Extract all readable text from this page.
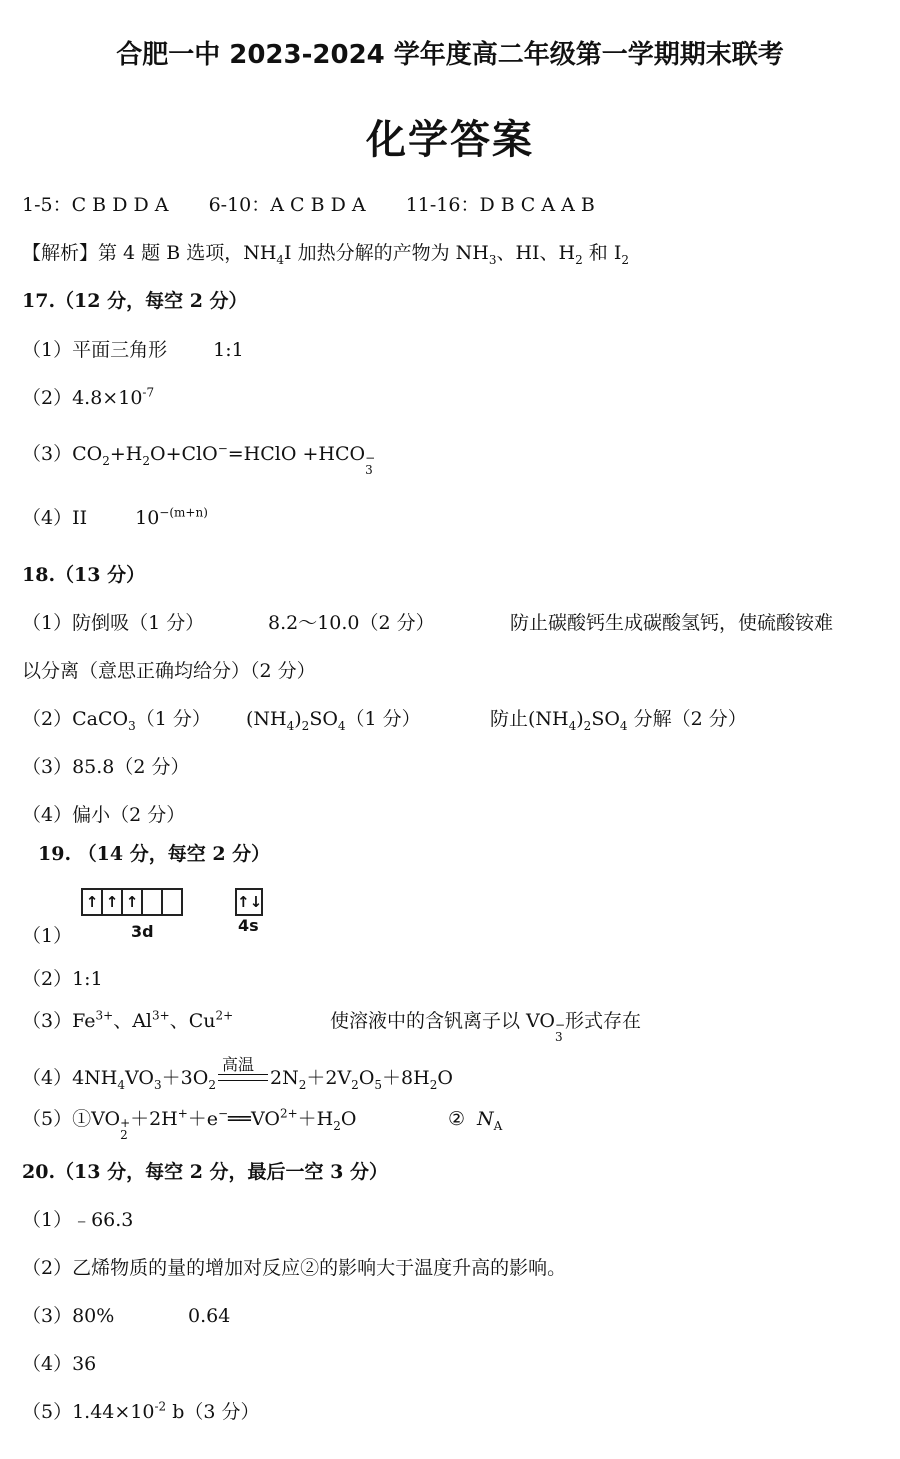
合肥一中 2023-2024 学年度高二年级第一学期期末联考
化学答案
1-5：C B D D A 6-10：A C B D A 11-16：D B C A A B
【解析】第 4 题 B 选项，$NH_4I$ 加热分解的产物为 $NH_3$、HI、$H_2$ 和 $I_2$
17.（12 分，每空 2 分）
（1）平面三角形 1:1
$(2)4.8\times 10^{-7}$
$(3)CO_2+H_2O+ClO^-=HClO +HCO$ −
3
（4）II	$10^{-(m+n)}$
18.（13 分）
（1）防倒吸（1 分）	8.2～10.0（2 分）	防止碳酸钙生成碳酸氢钙，使硫酸铵难
以分离（意思正确均给分）（2 分）
（2）CaCO$_3$（1 分） $(NH_4)_2SO_4(1$ 分）	防止$(NH_4)_2SO_4$ 分解（2 分）
（3）85.8（2 分）
（4）偏小（2 分）
19. （14 分，每空 2 分）
（1）
↑ ↑ ↑
3d
↑↓
4s
（2）1:1
$(3)Fe^{3+}$、$Al^{3+}$、$Cu^{2+}$	使溶液中的含钒离子以 VO −
3
形式存在
高温
$(4)4NH_4VO_3+3O_2$	$2N_2+2V_2O_5+8H_2O$
（5）①VO +
2
$+2H^++e^-══VO^{2+}+H_2O$	② $N_A$
20.（13 分，每空 2 分，最后一空 3 分）
（1）﹣66.3
（2）乙烯物质的量的增加对反应②的影响大于温度升高的影响。
（3）80%	0.64
（4）36
$(5)1.44\times 10^{-2}$ b（3 分）
